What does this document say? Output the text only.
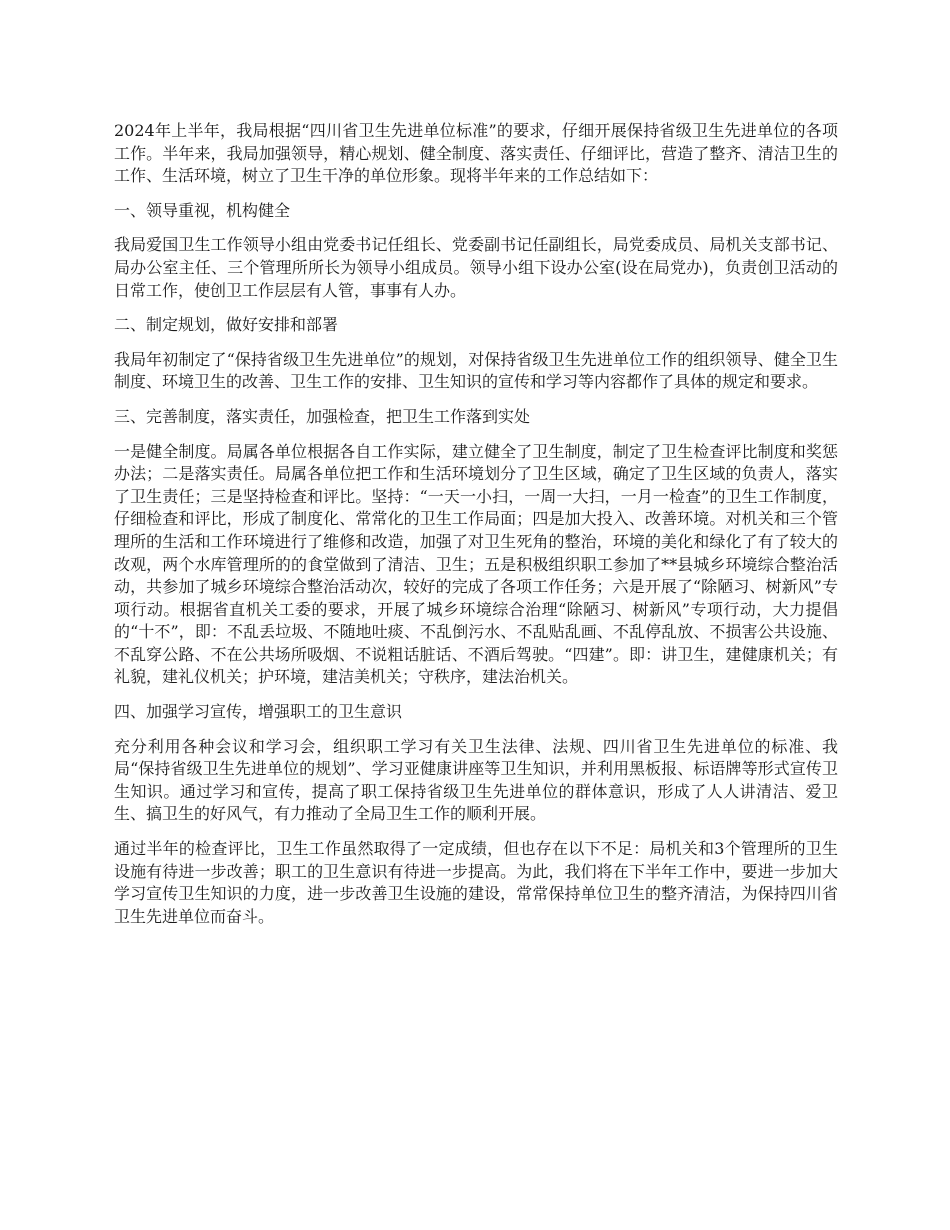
2024年上半年，我局根据“四川省卫生先进单位标准”的要求，仔细开展保持省级卫生先进单位的各项工作。半年来，我局加强领导，精心规划、健全制度、落实责任、仔细评比，营造了整齐、清洁卫生的工作、生活环境，树立了卫生干净的单位形象。现将半年来的工作总结如下：

一、领导重视，机构健全

我局爱国卫生工作领导小组由党委书记任组长、党委副书记任副组长，局党委成员、局机关支部书记、局办公室主任、三个管理所所长为领导小组成员。领导小组下设办公室(设在局党办)，负责创卫活动的日常工作，使创卫工作层层有人管，事事有人办。

二、制定规划，做好安排和部署

我局年初制定了“保持省级卫生先进单位”的规划，对保持省级卫生先进单位工作的组织领导、健全卫生制度、环境卫生的改善、卫生工作的安排、卫生知识的宣传和学习等内容都作了具体的规定和要求。

三、完善制度，落实责任，加强检查，把卫生工作落到实处

一是健全制度。局属各单位根据各自工作实际，建立健全了卫生制度，制定了卫生检查评比制度和奖惩办法；二是落实责任。局属各单位把工作和生活环境划分了卫生区域，确定了卫生区域的负责人，落实了卫生责任；三是坚持检查和评比。坚持：“一天一小扫，一周一大扫，一月一检查”的卫生工作制度，仔细检查和评比，形成了制度化、常常化的卫生工作局面；四是加大投入、改善环境。对机关和三个管理所的生活和工作环境进行了维修和改造，加强了对卫生死角的整治，环境的美化和绿化了有了较大的改观，两个水库管理所的的食堂做到了清洁、卫生；五是积极组织职工参加了**县城乡环境综合整治活动，共参加了城乡环境综合整治活动次，较好的完成了各项工作任务；六是开展了“除陋习、树新风”专项行动。根据省直机关工委的要求，开展了城乡环境综合治理“除陋习、树新风”专项行动，大力提倡的“十不”，即：不乱丢垃圾、不随地吐痰、不乱倒污水、不乱贴乱画、不乱停乱放、不损害公共设施、不乱穿公路、不在公共场所吸烟、不说粗话脏话、不酒后驾驶。“四建”。即：讲卫生，建健康机关；有礼貌，建礼仪机关；护环境，建洁美机关；守秩序，建法治机关。

四、加强学习宣传，增强职工的卫生意识

充分利用各种会议和学习会，组织职工学习有关卫生法律、法规、四川省卫生先进单位的标准、我局“保持省级卫生先进单位的规划”、学习亚健康讲座等卫生知识，并利用黑板报、标语牌等形式宣传卫生知识。通过学习和宣传，提高了职工保持省级卫生先进单位的群体意识，形成了人人讲清洁、爱卫生、搞卫生的好风气，有力推动了全局卫生工作的顺利开展。

通过半年的检查评比，卫生工作虽然取得了一定成绩，但也存在以下不足：局机关和3个管理所的卫生设施有待进一步改善；职工的卫生意识有待进一步提高。为此，我们将在下半年工作中，要进一步加大学习宣传卫生知识的力度，进一步改善卫生设施的建设，常常保持单位卫生的整齐清洁，为保持四川省卫生先进单位而奋斗。
